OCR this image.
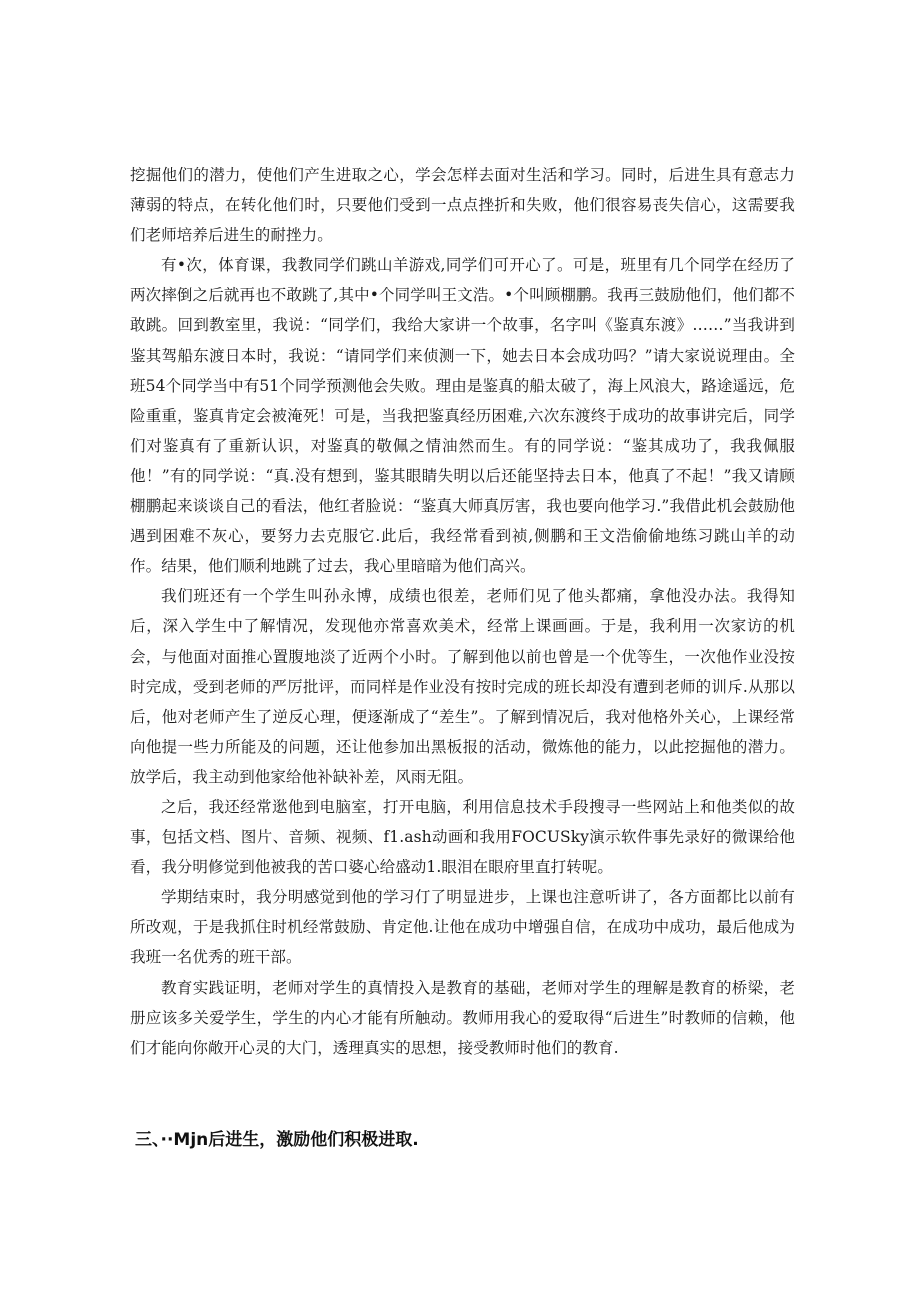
挖掘他们的潜力，使他们产生进取之心，学会怎样去面对生活和学习。同时，后进生具有意志力薄弱的特点，在转化他们时，只要他们受到一点点挫折和失败，他们很容易丧失信心，这需要我们老师培养后进生的耐挫力。

有•次，体育课，我教同学们跳山羊游戏,同学们可开心了。可是，班里有几个同学在经历了两次摔倒之后就再也不敢跳了,其中•个同学叫王文浩。•个叫顾棚鹏。我再三鼓励他们，他们都不敢跳。回到教室里，我说：“同学们，我给大家讲一个故事，名字叫《鉴真东渡》……”当我讲到鉴其驾船东渡日本时，我说：“请同学们来侦测一下，她去日本会成功吗？”请大家说说理由。全班54个同学当中有51个同学预测他会失败。理由是鉴真的船太破了，海上风浪大，路途遥远，危险重重，鉴真肯定会被淹死！可是，当我把鉴真经历困难,六次东渡终于成功的故事讲完后，同学们对鉴真有了重新认识，对鉴真的敬佩之情油然而生。有的同学说：“鉴其成功了，我我佩服他！”有的同学说：“真.没有想到，鉴其眼睛失明以后还能坚持去日本，他真了不起！”我又请顾棚鹏起来谈谈自己的看法，他红者脸说：“鉴真大师真厉害，我也要向他学习.”我借此机会鼓励他遇到困难不灰心，要努力去克服它.此后，我经常看到祯,侧鹏和王文浩偷偷地练习跳山羊的动作。结果，他们顺利地跳了过去，我心里暗暗为他们高兴。

我们班还有一个学生叫孙永博，成绩也很差，老师们见了他头都痛，拿他没办法。我得知后，深入学生中了解情况，发现他亦常喜欢美术，经常上课画画。于是，我利用一次家访的机会，与他面对面推心置腹地淡了近两个小时。了解到他以前也曾是一个优等生，一次他作业没按时完成，受到老师的严厉批评，而同样是作业没有按时完成的班长却没有遭到老师的训斥.从那以后，他对老师产生了逆反心理，便逐渐成了“差生”。了解到情况后，我对他格外关心，上课经常向他提一些力所能及的问题，还让他参加出黑板报的活动，微炼他的能力，以此挖掘他的潜力。放学后，我主动到他家给他补缺补差，风雨无阻。

之后，我还经常逖他到电脑室，打开电脑，利用信息技术手段搜寻一些网站上和他类似的故事，包括文档、图片、音频、视频、f1.ash动画和我用FOCUSky演示软件事先录好的微课给他看，我分明修觉到他被我的苦口婆心给盛动1.眼泪在眼府里直打转呢。

学期结束时，我分明感觉到他的学习仃了明显进步，上课也注意听讲了，各方面都比以前有所改观，于是我抓住时机经常鼓励、肯定他.让他在成功中增强自信，在成功中成功，最后他成为我班一名优秀的班干部。

教育实践证明，老师对学生的真情投入是教育的基础，老师对学生的理解是教育的桥梁，老册应该多关爱学生，学生的内心才能有所触动。教师用我心的爱取得“后进生”时教师的信赖，他们才能向你敞开心灵的大门，透理真实的思想，接受教师时他们的教育.

三、··Mjn后进生，激励他们积极进取.
